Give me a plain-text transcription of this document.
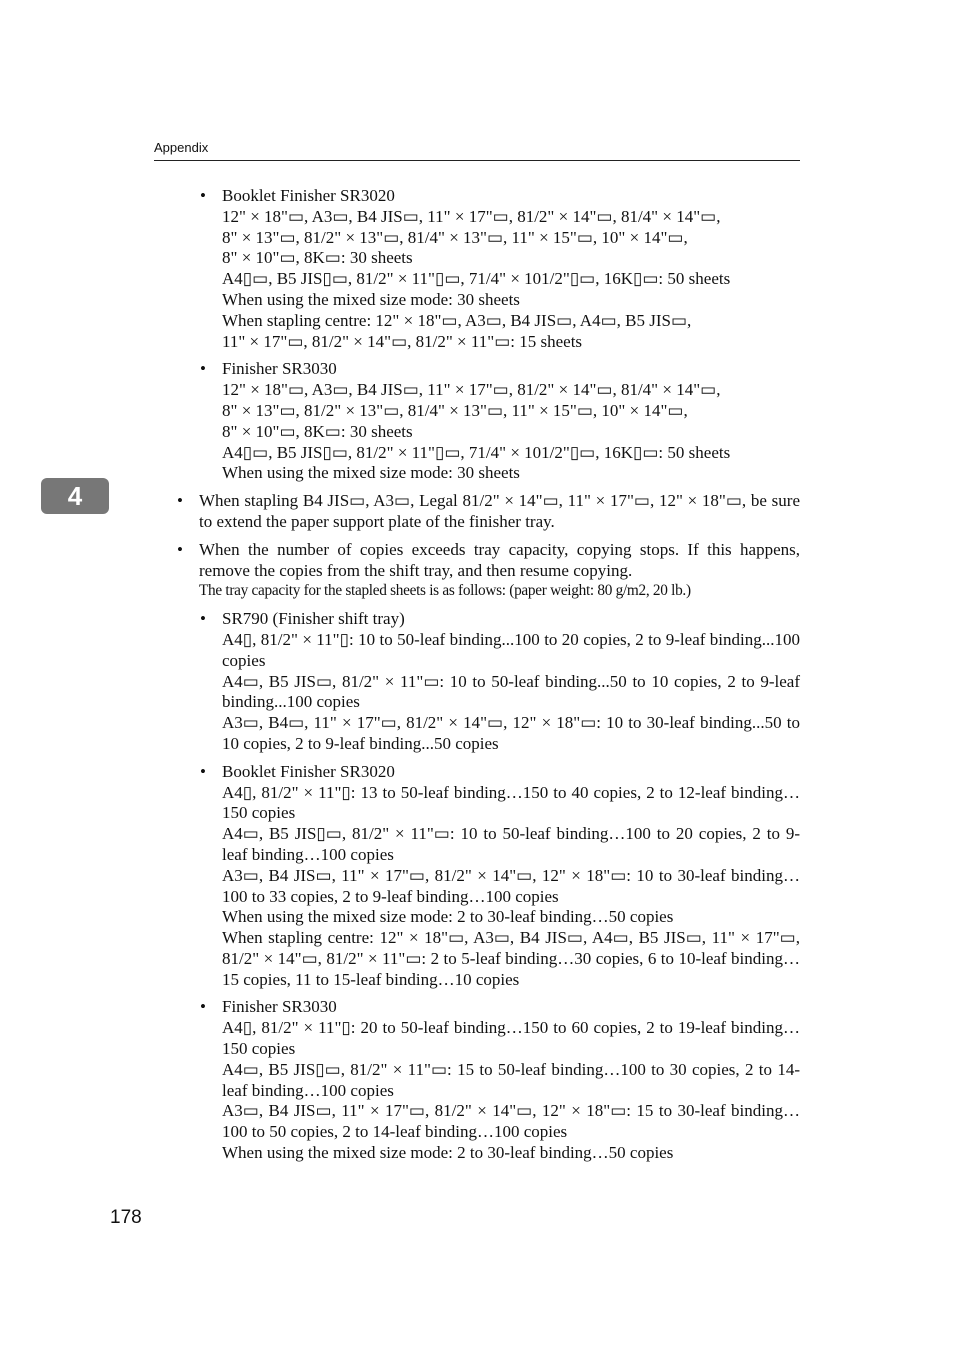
Appendix
4
• Booklet Finisher SR3020

12" × 18"▭, A3▭, B4 JIS▭, 11" × 17"▭, 81/2" × 14"▭, 81/4" × 14"▭,

8" × 13"▭, 81/2" × 13"▭, 81/4" × 13"▭, 11" × 15"▭, 10" × 14"▭,

8" × 10"▭, 8K▭: 30 sheets

A4▯▭, B5 JIS▯▭, 81/2" × 11"▯▭, 71/4" × 101/2"▯▭, 16K▯▭: 50 sheets

When using the mixed size mode: 30 sheets

When stapling centre: 12" × 18"▭, A3▭, B4 JIS▭, A4▭, B5 JIS▭,

11" × 17"▭, 81/2" × 14"▭, 81/2" × 11"▭: 15 sheets

• Finisher SR3030

12" × 18"▭, A3▭, B4 JIS▭, 11" × 17"▭, 81/2" × 14"▭, 81/4" × 14"▭,

8" × 13"▭, 81/2" × 13"▭, 81/4" × 13"▭, 11" × 15"▭, 10" × 14"▭,

8" × 10"▭, 8K▭: 30 sheets

A4▯▭, B5 JIS▯▭, 81/2" × 11"▯▭, 71/4" × 101/2"▯▭, 16K▯▭: 50 sheets

When using the mixed size mode: 30 sheets

• When stapling B4 JIS▭, A3▭, Legal 81/2" × 14"▭, 11" × 17"▭, 12" × 18"▭, be sure to extend the paper support plate of the finisher tray.

• When the number of copies exceeds tray capacity, copying stops. If this happens, remove the copies from the shift tray, and then resume copying.

The tray capacity for the stapled sheets is as follows: (paper weight: 80 g/m2, 20 lb.)

• SR790 (Finisher shift tray)

A4▯, 81/2" × 11"▯: 10 to 50-leaf binding...100 to 20 copies, 2 to 9-leaf binding...100 copies

A4▭, B5 JIS▭, 81/2" × 11"▭: 10 to 50-leaf binding...50 to 10 copies, 2 to 9-leaf binding...100 copies

A3▭, B4▭, 11" × 17"▭, 81/2" × 14"▭, 12" × 18"▭: 10 to 30-leaf binding...50 to 10 copies, 2 to 9-leaf binding...50 copies

• Booklet Finisher SR3020

A4▯, 81/2" × 11"▯: 13 to 50-leaf binding…150 to 40 copies, 2 to 12-leaf binding…150 copies

A4▭, B5 JIS▯▭, 81/2" × 11"▭: 10 to 50-leaf binding…100 to 20 copies, 2 to 9-leaf binding…100 copies

A3▭, B4 JIS▭, 11" × 17"▭, 81/2" × 14"▭, 12" × 18"▭: 10 to 30-leaf binding…100 to 33 copies, 2 to 9-leaf binding…100 copies

When using the mixed size mode: 2 to 30-leaf binding…50 copies

When stapling centre: 12" × 18"▭, A3▭, B4 JIS▭, A4▭, B5 JIS▭, 11" × 17"▭, 81/2" × 14"▭, 81/2" × 11"▭: 2 to 5-leaf binding…30 copies, 6 to 10-leaf binding…15 copies, 11 to 15-leaf binding…10 copies

• Finisher SR3030

A4▯, 81/2" × 11"▯: 20 to 50-leaf binding…150 to 60 copies, 2 to 19-leaf binding…150 copies

A4▭, B5 JIS▯▭, 81/2" × 11"▭: 15 to 50-leaf binding…100 to 30 copies, 2 to 14-leaf binding…100 copies

A3▭, B4 JIS▭, 11" × 17"▭, 81/2" × 14"▭, 12" × 18"▭: 15 to 30-leaf binding…100 to 50 copies, 2 to 14-leaf binding…100 copies

When using the mixed size mode: 2 to 30-leaf binding…50 copies

178
